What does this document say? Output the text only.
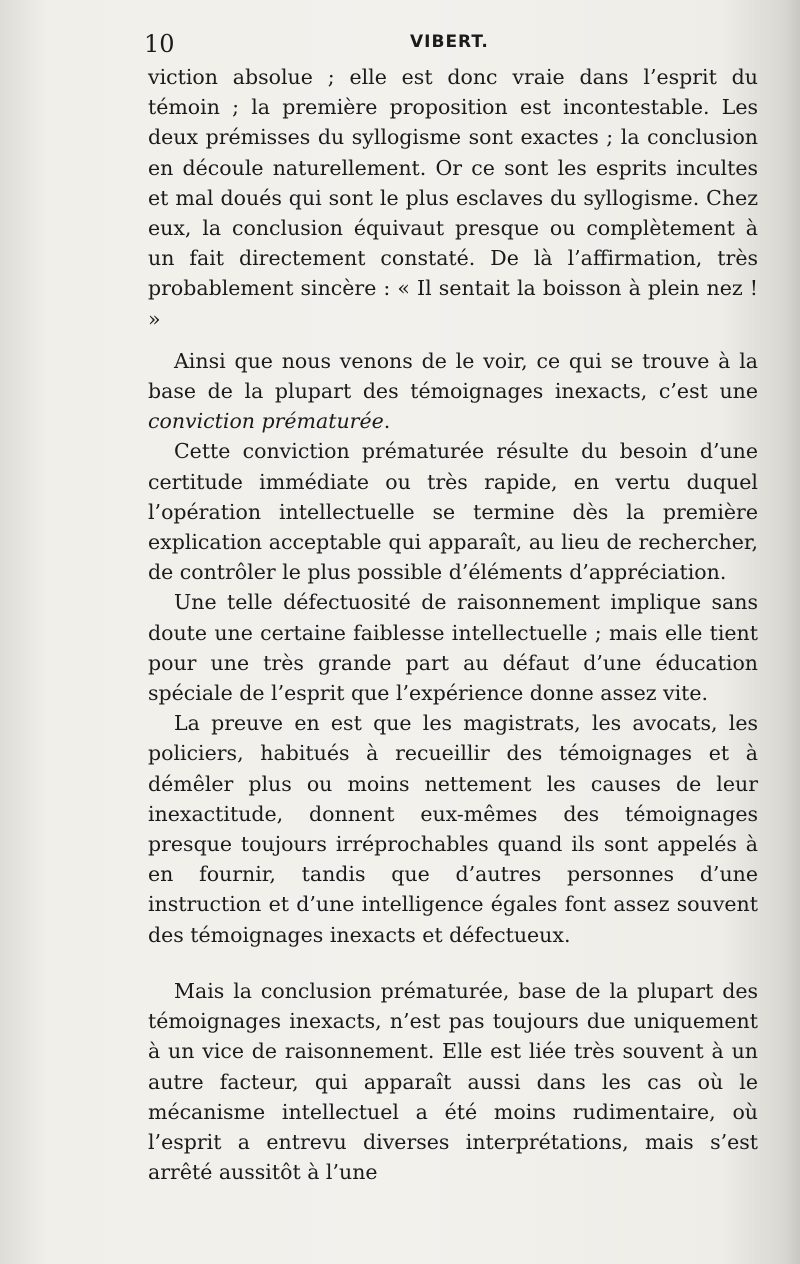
10	VIBERT.

viction absolue ; elle est donc vraie dans l’esprit du témoin ; la première proposition est incontestable. Les deux prémisses du syllogisme sont exactes ; la conclusion en découle naturellement. Or ce sont les esprits incultes et mal doués qui sont le plus esclaves du syllogisme. Chez eux, la conclusion équivaut presque ou complètement à un fait directement constaté. De là l’affirmation, très probablement sincère : « Il sentait la boisson à plein nez ! »

Ainsi que nous venons de le voir, ce qui se trouve à la base de la plupart des témoignages inexacts, c’est une conviction prématurée.

Cette conviction prématurée résulte du besoin d’une certitude immédiate ou très rapide, en vertu duquel l’opération intellectuelle se termine dès la première explication acceptable qui apparaît, au lieu de rechercher, de contrôler le plus possible d’éléments d’appréciation.

Une telle défectuosité de raisonnement implique sans doute une certaine faiblesse intellectuelle ; mais elle tient pour une très grande part au défaut d’une éducation spéciale de l’esprit que l’expérience donne assez vite.

La preuve en est que les magistrats, les avocats, les policiers, habitués à recueillir des témoignages et à démêler plus ou moins nettement les causes de leur inexactitude, donnent eux-mêmes des témoignages presque toujours irréprochables quand ils sont appelés à en fournir, tandis que d’autres personnes d’une instruction et d’une intelligence égales font assez souvent des témoignages inexacts et défectueux.

Mais la conclusion prématurée, base de la plupart des témoignages inexacts, n’est pas toujours due uniquement à un vice de raisonnement. Elle est liée très souvent à un autre facteur, qui apparaît aussi dans les cas où le mécanisme intellectuel a été moins rudimentaire, où l’esprit a entrevu diverses interprétations, mais s’est arrêté aussitôt à l’une
